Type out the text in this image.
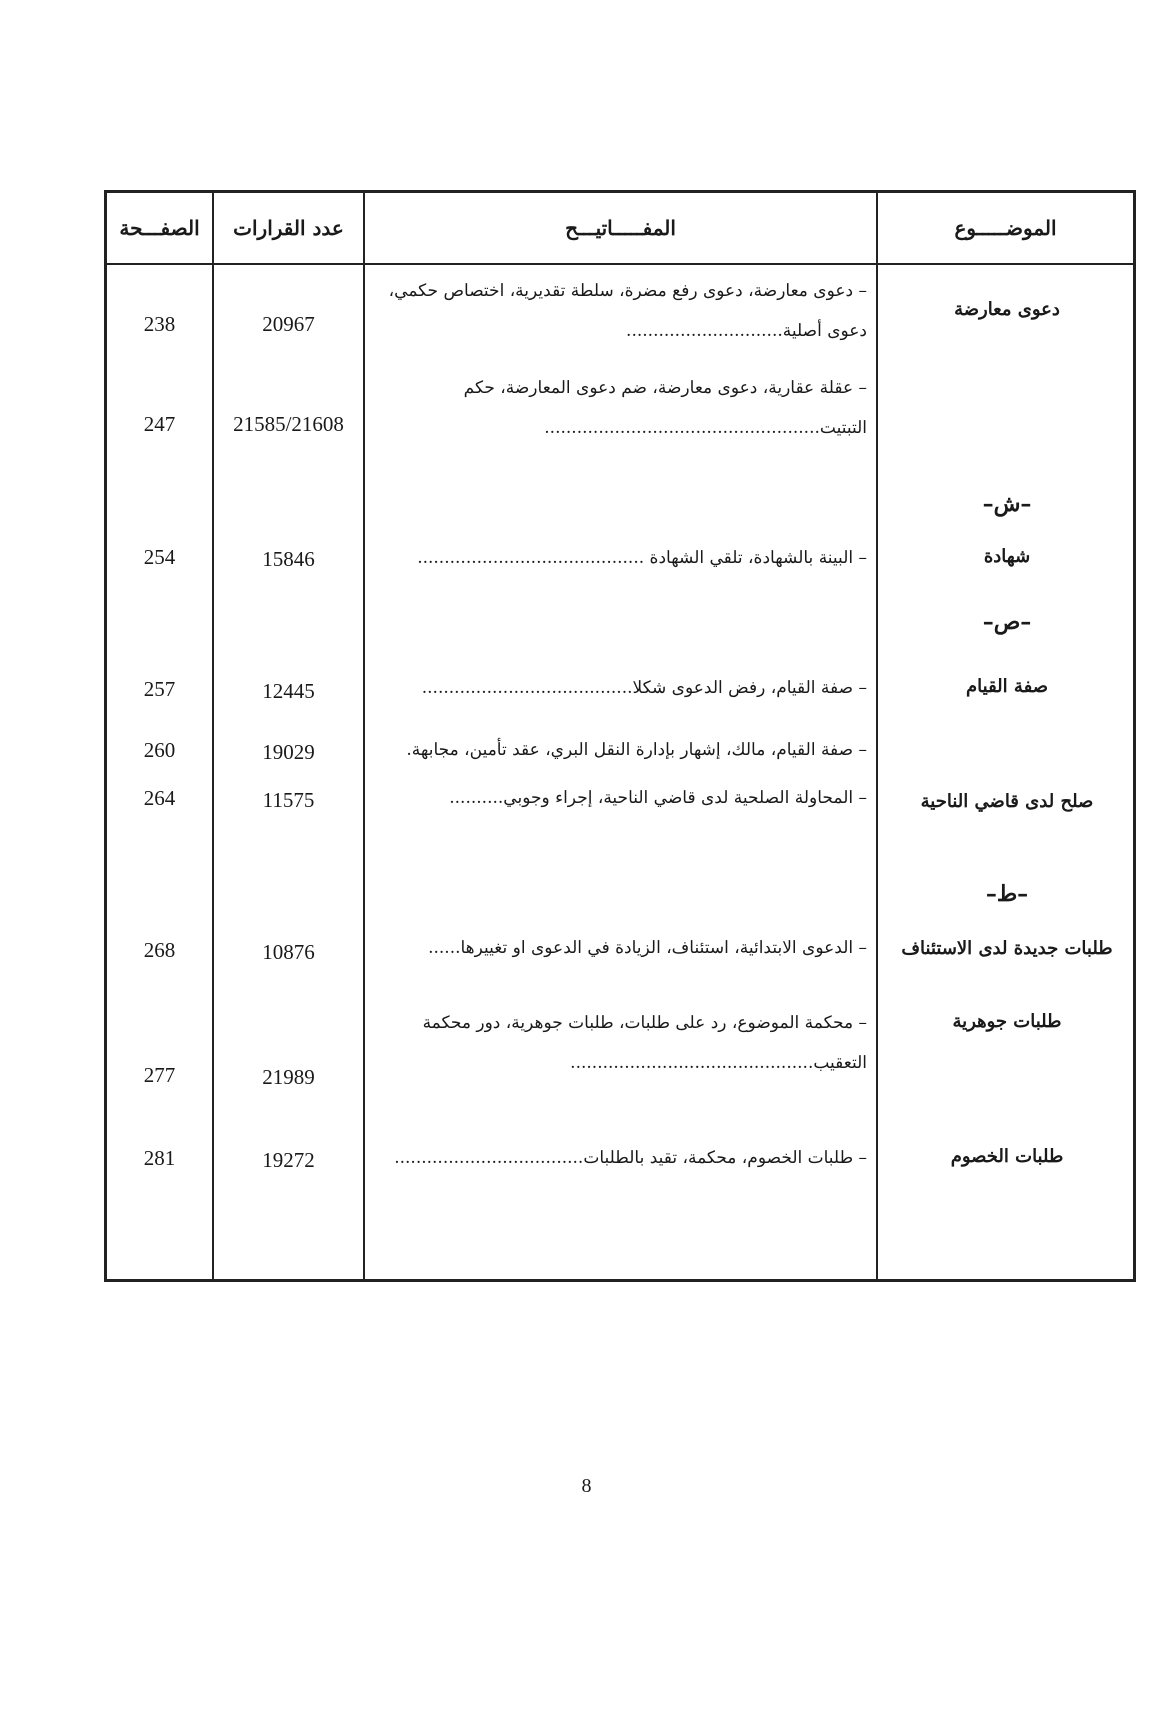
الموضـــــوع
المفـــــاتيـــح
عدد القرارات
الصفـــحة
دعوى معارضة
– دعوى معارضة، دعوى رفع مضرة، سلطة تقديرية، اختصاص حكمي، دعوى أصلية.............................
20967
238
– عقلة عقارية، دعوى معارضة، ضم دعوى المعارضة، حكم التبتيت...................................................
21585/21608
247
–ش–
شهادة
– البينة بالشهادة، تلقي الشهادة ..........................................
15846
254
–ص–
صفة القيام
– صفة القيام، رفض الدعوى شكلا.......................................
12445
257
– صفة القيام، مالك، إشهار بإدارة النقل البري، عقد تأمين، مجابهة.
19029
260
صلح لدى قاضي الناحية
– المحاولة الصلحية لدى قاضي الناحية، إجراء وجوبي..........
11575
264
–ط–
طلبات جديدة لدى الاستئناف
– الدعوى الابتدائية، استئناف، الزيادة في الدعوى او تغييرها......
10876
268
طلبات جوهرية
– محكمة الموضوع، رد على طلبات، طلبات جوهرية، دور محكمة التعقيب.............................................
21989
277
طلبات الخصوم
– طلبات الخصوم، محكمة، تقيد بالطلبات...................................
19272
281
8
